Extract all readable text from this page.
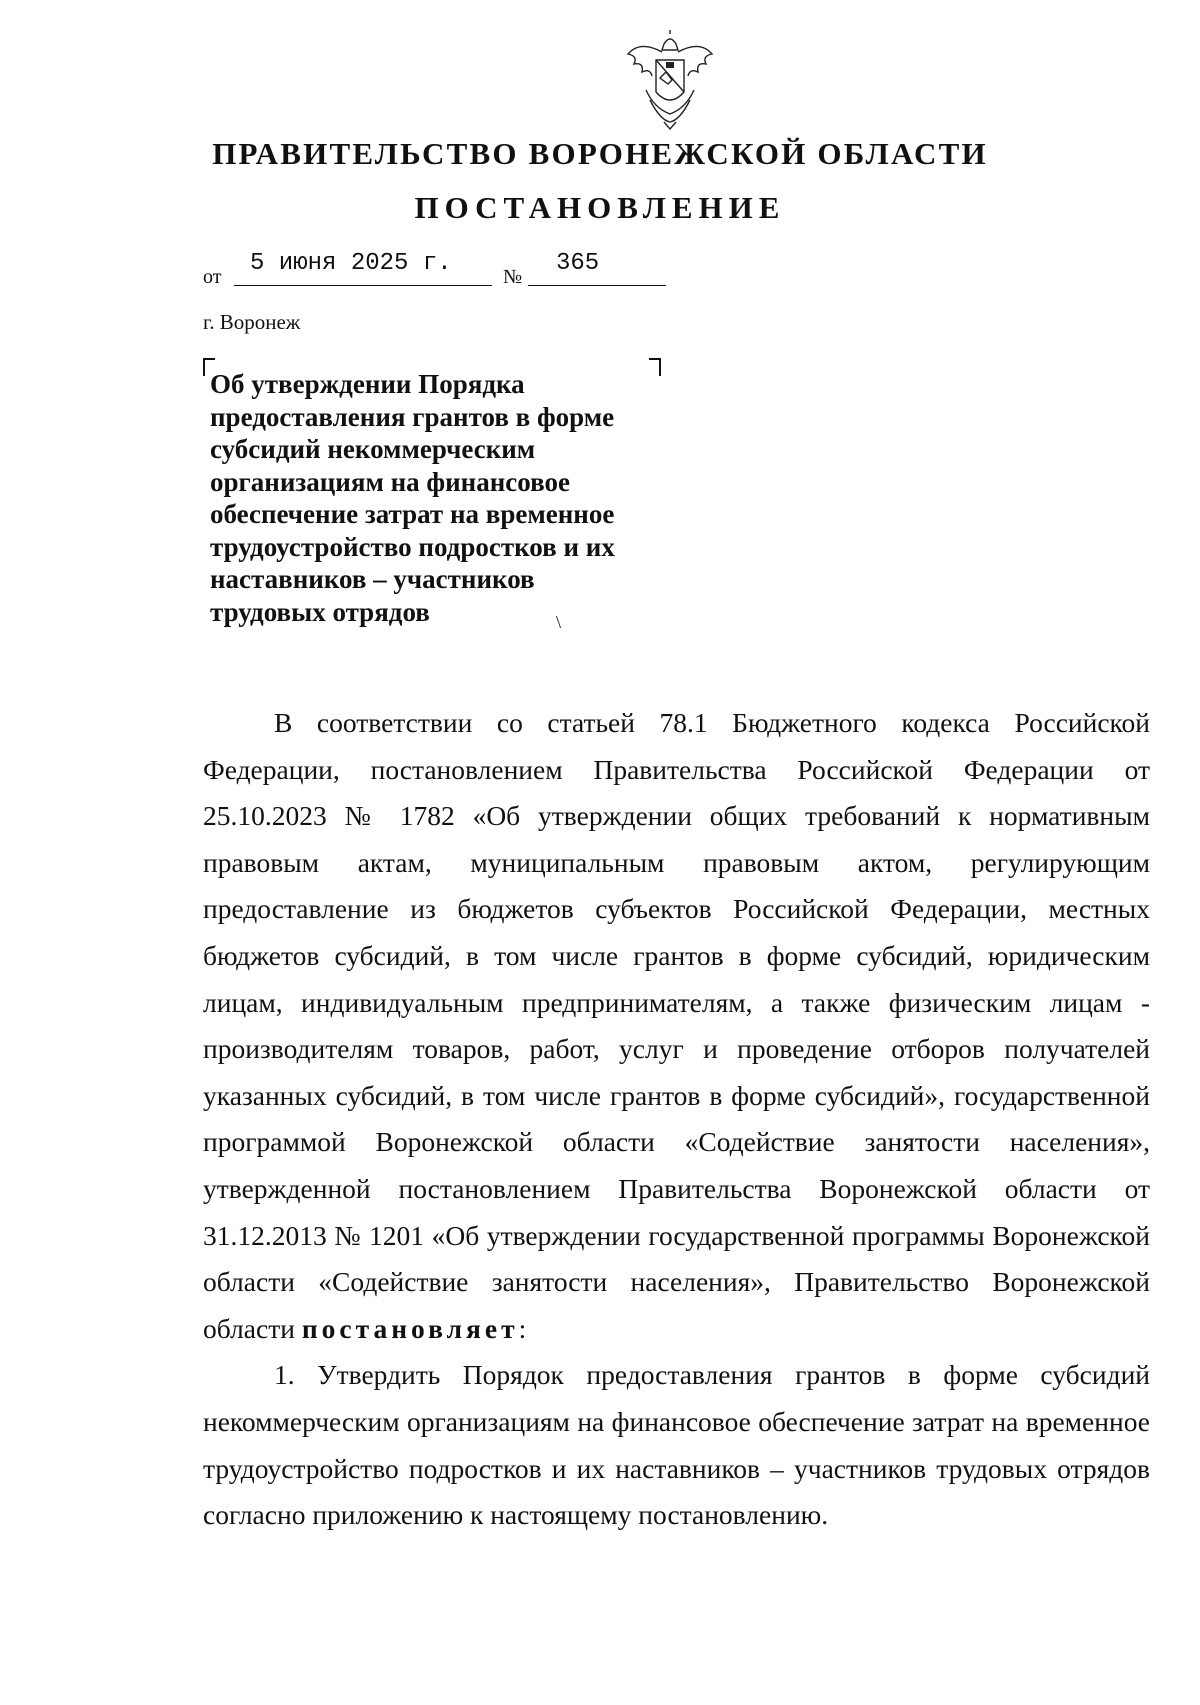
ПРАВИТЕЛЬСТВО ВОРОНЕЖСКОЙ ОБЛАСТИ
ПОСТАНОВЛЕНИЕ
от	5 июня 2025 г.	№	365
г. Воронеж
Об утверждении Порядка
предоставления грантов в форме
субсидий некоммерческим
организациям на финансовое
обеспечение затрат на временное
трудоустройство подростков и их
наставников – участников
трудовых отрядов	\

В соответствии со статьей 78.1 Бюджетного кодекса Российской Федерации, постановлением Правительства Российской Федерации от 25.10.2023 № 1782 «Об утверждении общих требований к нормативным правовым актам, муниципальным правовым актом, регулирующим предоставление из бюджетов субъектов Российской Федерации, местных бюджетов субсидий, в том числе грантов в форме субсидий, юридическим лицам, индивидуальным предпринимателям, а также физическим лицам - производителям товаров, работ, услуг и проведение отборов получателей указанных субсидий, в том числе грантов в форме субсидий», государственной программой Воронежской области «Содействие занятости населения», утвержденной постановлением Правительства Воронежской области от 31.12.2013 № 1201 «Об утверждении государственной программы Воронежской области «Содействие занятости населения», Правительство Воронежской области постановляет:

1. Утвердить Порядок предоставления грантов в форме субсидий некоммерческим организациям на финансовое обеспечение затрат на временное трудоустройство подростков и их наставников – участников трудовых отрядов согласно приложению к настоящему постановлению.
